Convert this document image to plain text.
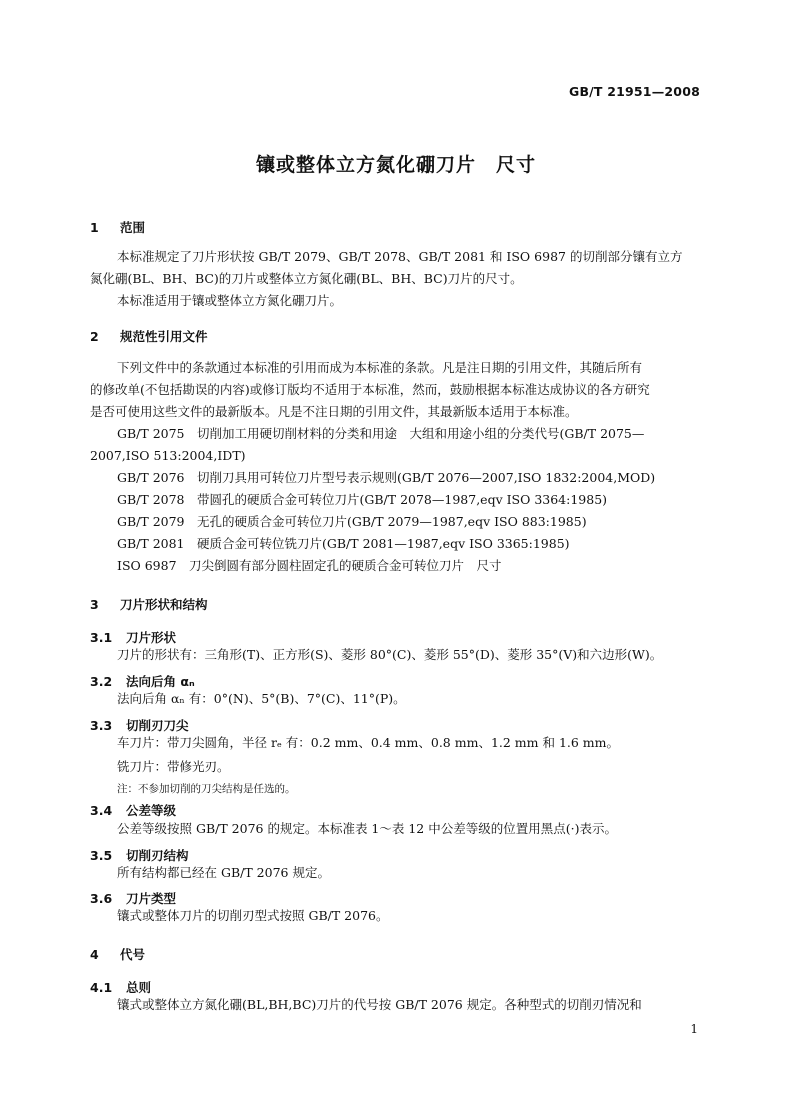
GB/T 21951—2008
镶或整体立方氮化硼刀片　尺寸
1 范围
本标准规定了刀片形状按 GB/T 2079、GB/T 2078、GB/T 2081 和 ISO 6987 的切削部分镶有立方
氮化硼(BL、BH、BC)的刀片或整体立方氮化硼(BL、BH、BC)刀片的尺寸。
本标准适用于镶或整体立方氮化硼刀片。
2 规范性引用文件
下列文件中的条款通过本标准的引用而成为本标准的条款。凡是注日期的引用文件，其随后所有
的修改单(不包括勘误的内容)或修订版均不适用于本标准，然而，鼓励根据本标准达成协议的各方研究
是否可使用这些文件的最新版本。凡是不注日期的引用文件，其最新版本适用于本标准。
GB/T 2075　切削加工用硬切削材料的分类和用途　大组和用途小组的分类代号(GB/T 2075—
2007,ISO 513:2004,IDT)
GB/T 2076　切削刀具用可转位刀片型号表示规则(GB/T 2076—2007,ISO 1832:2004,MOD)
GB/T 2078　带圆孔的硬质合金可转位刀片(GB/T 2078—1987,eqv ISO 3364:1985)
GB/T 2079　无孔的硬质合金可转位刀片(GB/T 2079—1987,eqv ISO 883:1985)
GB/T 2081　硬质合金可转位铣刀片(GB/T 2081—1987,eqv ISO 3365:1985)
ISO 6987　刀尖倒圆有部分圆柱固定孔的硬质合金可转位刀片　尺寸
3 刀片形状和结构
3.1 刀片形状
刀片的形状有：三角形(T)、正方形(S)、菱形 80°(C)、菱形 55°(D)、菱形 35°(V)和六边形(W)。
3.2 法向后角 αₙ
法向后角 αₙ 有：0°(N)、5°(B)、7°(C)、11°(P)。
3.3 切削刃刀尖
车刀片：带刀尖圆角，半径 rₑ 有：0.2 mm、0.4 mm、0.8 mm、1.2 mm 和 1.6 mm。
铣刀片：带修光刃。
注：不参加切削的刀尖结构是任选的。
3.4 公差等级
公差等级按照 GB/T 2076 的规定。本标准表 1～表 12 中公差等级的位置用黑点(·)表示。
3.5 切削刃结构
所有结构都已经在 GB/T 2076 规定。
3.6 刀片类型
镶式或整体刀片的切削刃型式按照 GB/T 2076。
4 代号
4.1 总则
镶式或整体立方氮化硼(BL,BH,BC)刀片的代号按 GB/T 2076 规定。各种型式的切削刃情况和
1
